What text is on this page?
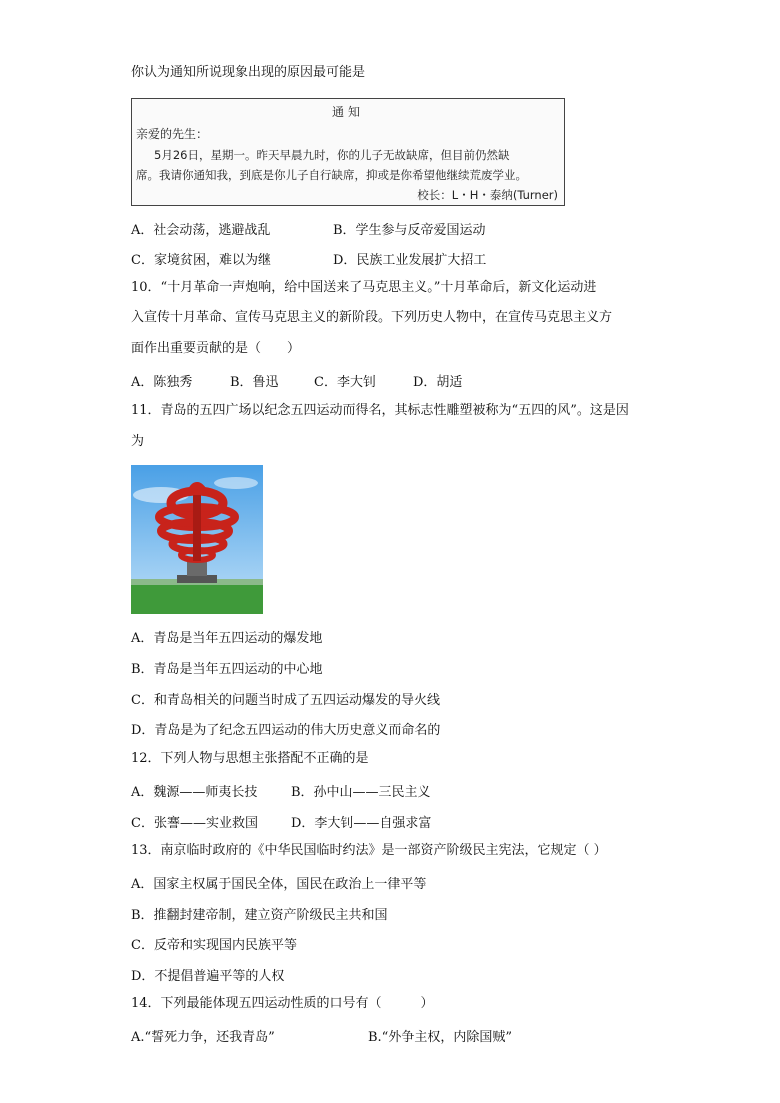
你认为通知所说现象出现的原因最可能是
通知
亲爱的先生：
5月26日，星期一。昨天早晨九时，你的儿子无故缺席，但目前仍然缺
席。我请你通知我，到底是你儿子自行缺席，抑或是你希望他继续荒废学业。
校长：L・H・泰纳(Turner)
A．社会动荡，逃避战乱	B．学生参与反帝爱国运动
C．家境贫困，难以为继	D．民族工业发展扩大招工
10．“十月革命一声炮响，给中国送来了马克思主义。”十月革命后，新文化运动进
入宣传十月革命、宣传马克思主义的新阶段。下列历史人物中，在宣传马克思主义方
面作出重要贡献的是（　　）
A．陈独秀	B．鲁迅	C．李大钊	D．胡适
11．青岛的五四广场以纪念五四运动而得名，其标志性雕塑被称为“五四的风”。这是因
为
A．青岛是当年五四运动的爆发地
B．青岛是当年五四运动的中心地
C．和青岛相关的问题当时成了五四运动爆发的导火线
D．青岛是为了纪念五四运动的伟大历史意义而命名的
12．下列人物与思想主张搭配不正确的是
A．魏源——师夷长技	B．孙中山——三民主义
C．张謇——实业救国	D．李大钊——自强求富
13．南京临时政府的《中华民国临时约法》是一部资产阶级民主宪法，它规定（ ）
A．国家主权属于国民全体，国民在政治上一律平等
B．推翻封建帝制，建立资产阶级民主共和国
C．反帝和实现国内民族平等
D．不提倡普遍平等的人权
14．下列最能体现五四运动性质的口号有（　　　）
A.“誓死力争，还我青岛”	B.“外争主权，内除国贼”
